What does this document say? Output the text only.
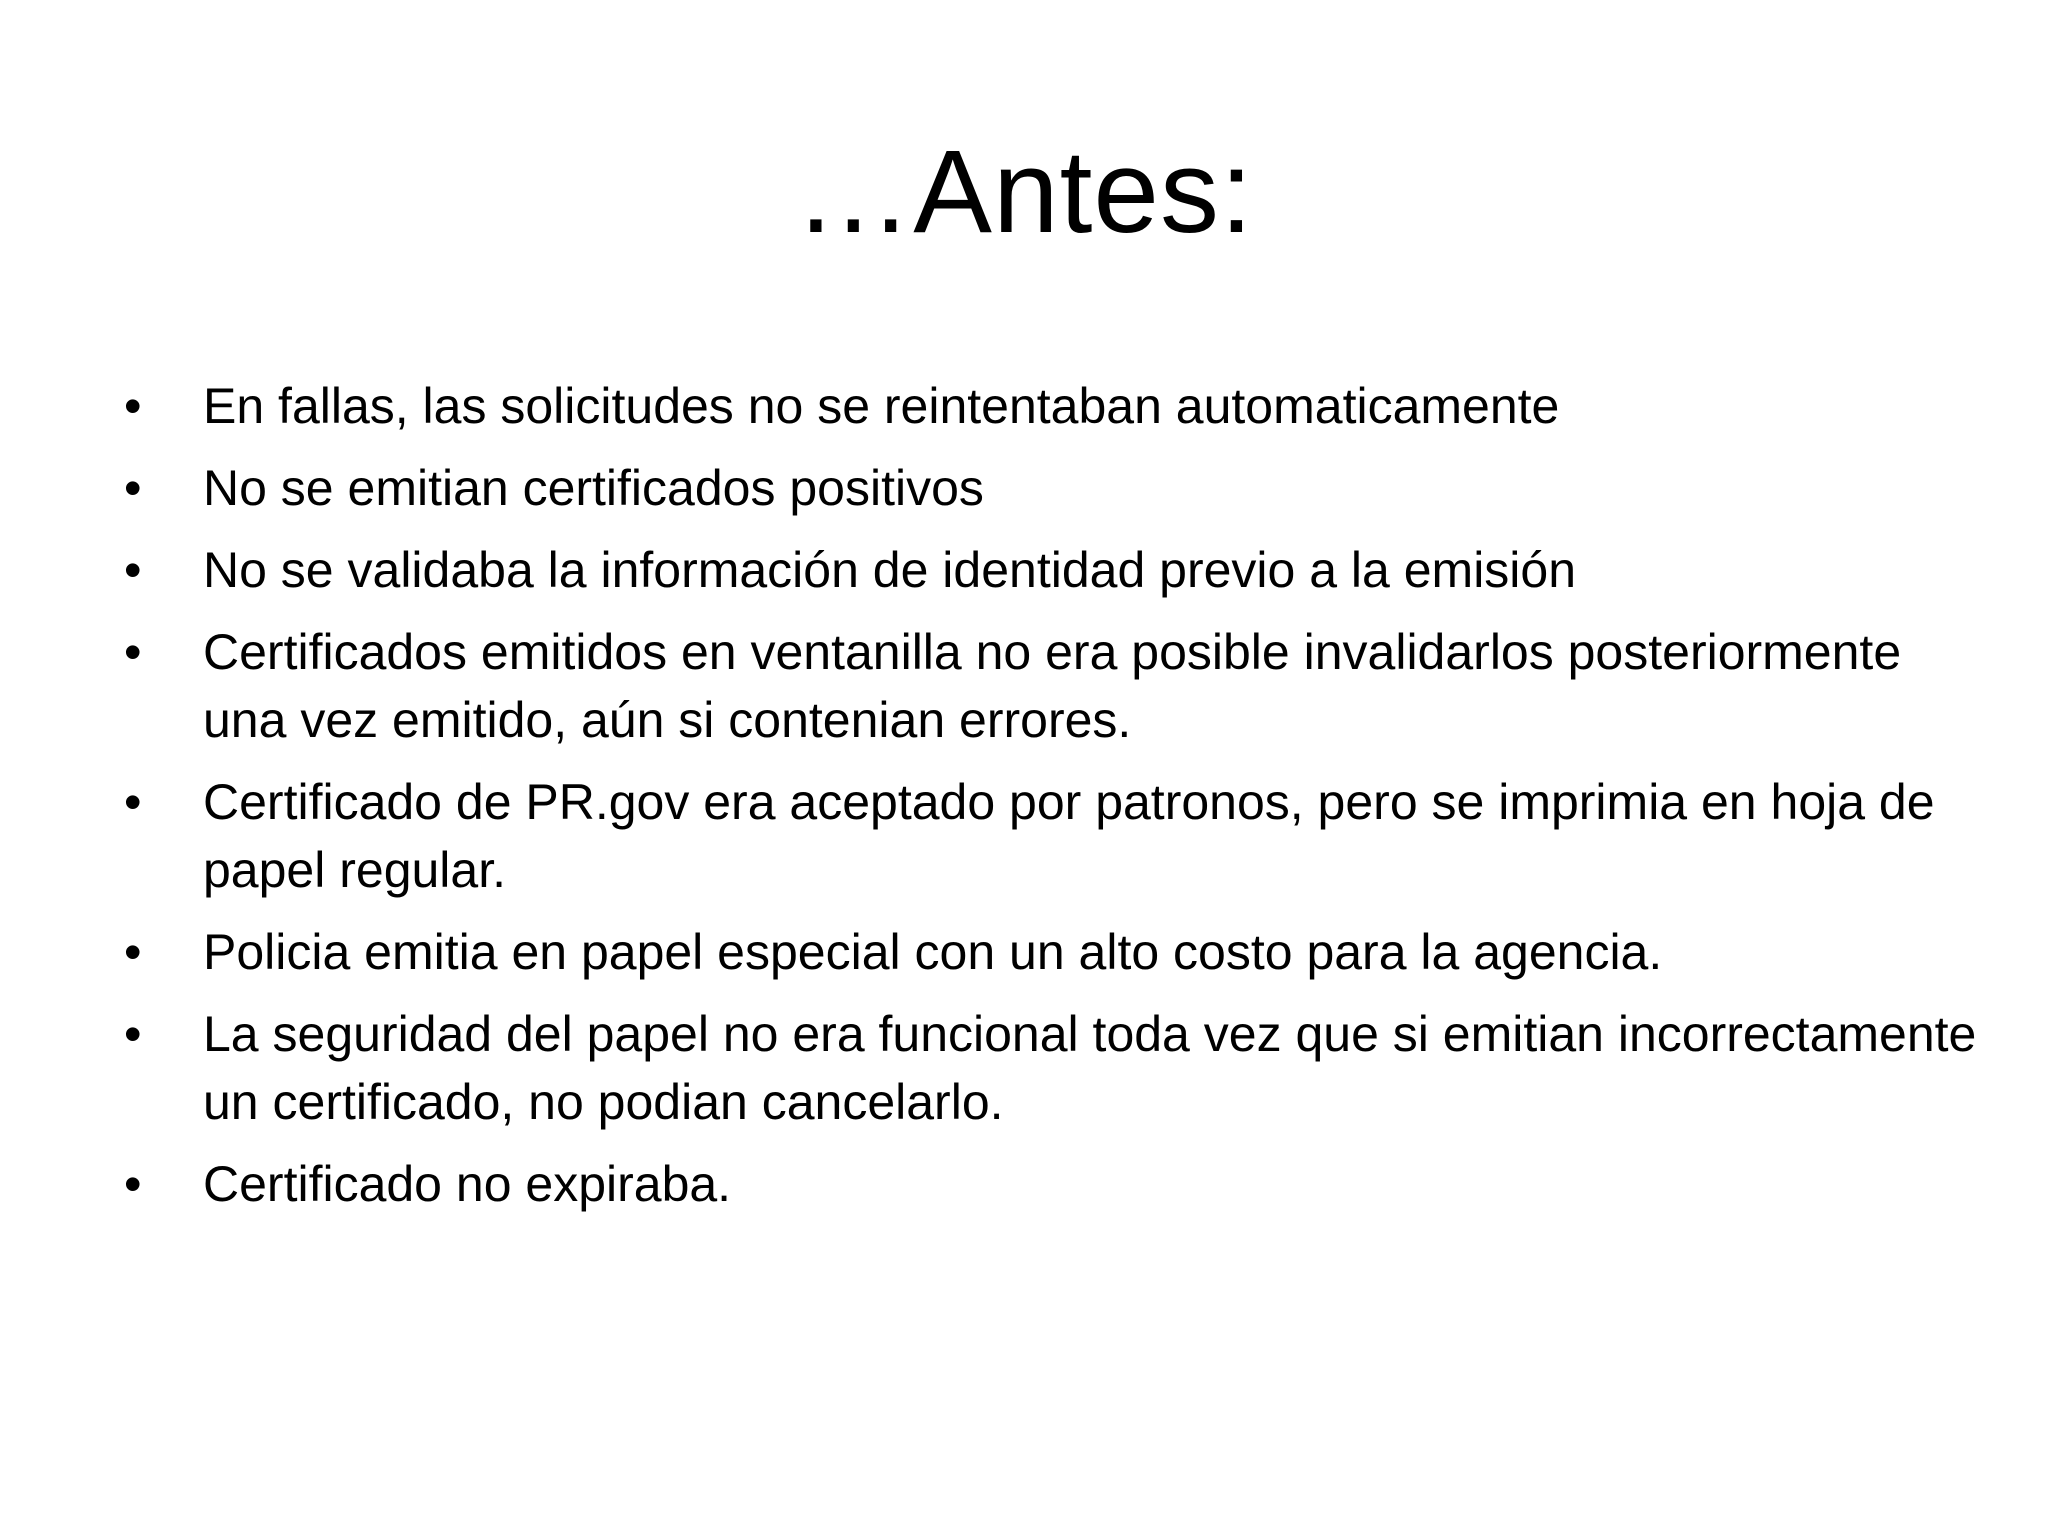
…Antes:
•	En fallas, las solicitudes no se reintentaban automaticamente
•	No se emitian certificados positivos
•	No se validaba la información de identidad previo a la emisión
•	Certificados emitidos en ventanilla no era posible invalidarlos posteriormente una vez emitido, aún si contenian errores.
•	Certificado de PR.gov era aceptado por patronos, pero se imprimia en hoja de papel regular.
•	Policia emitia en papel especial con un alto costo para la agencia.
•	La seguridad del papel no era funcional toda vez que si emitian incorrectamente un certificado, no podian cancelarlo.
•	Certificado no expiraba.
